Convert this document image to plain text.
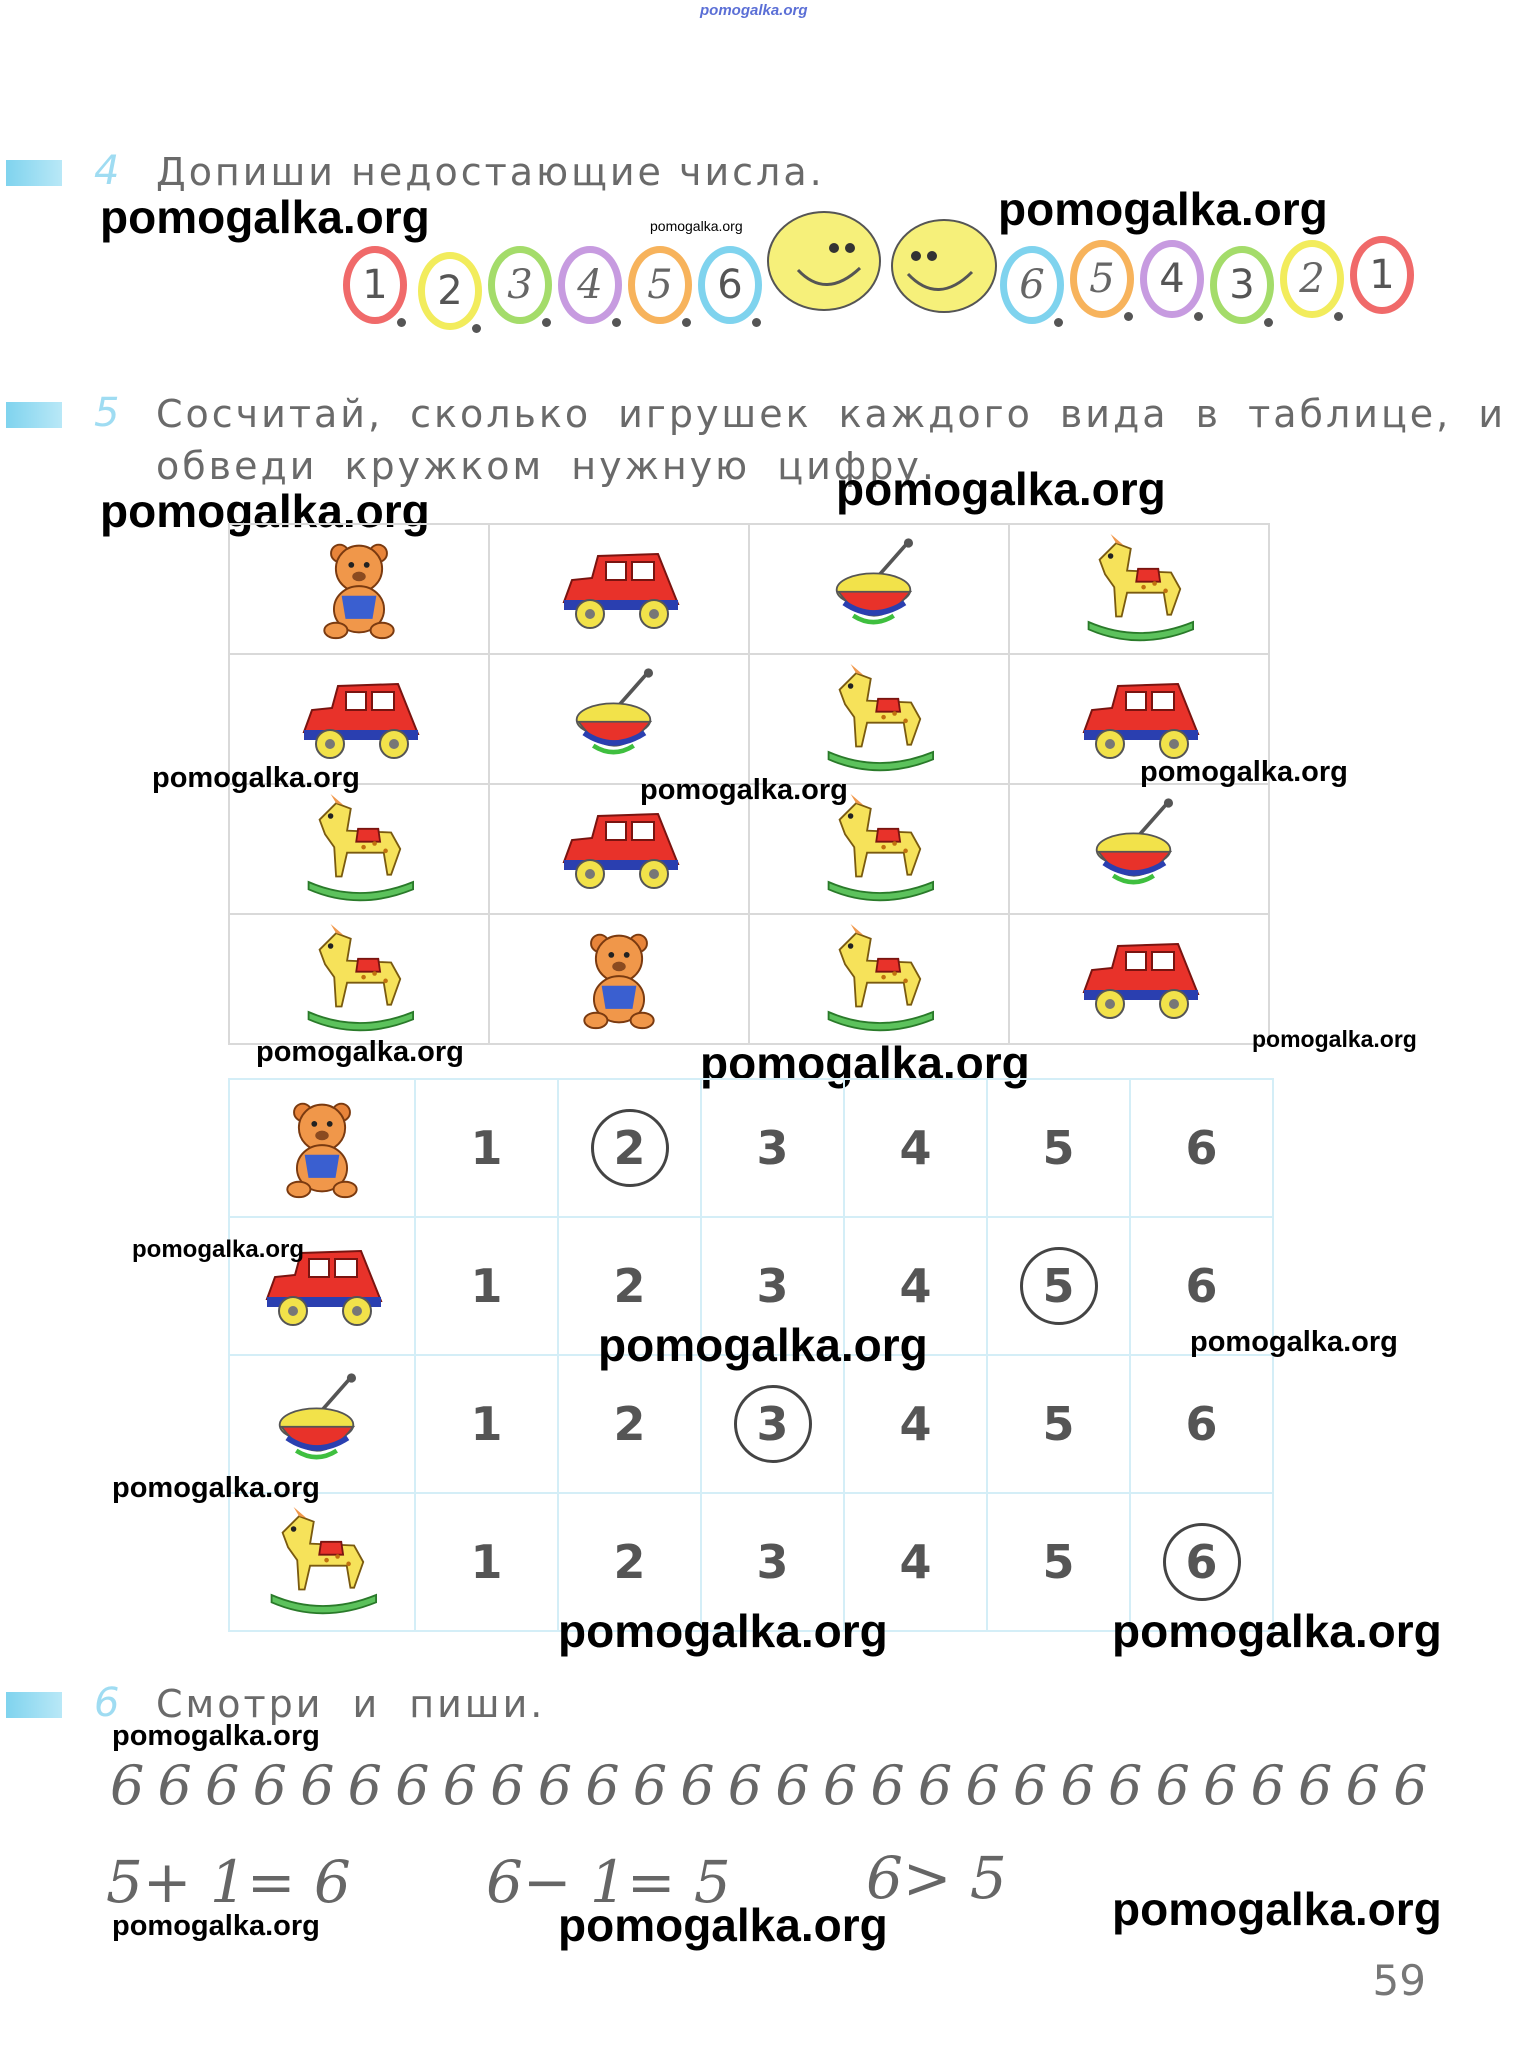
pomogalka.org
4 Допиши недостающие числа.
pomogalka.org	pomogalka.org	pomogalka.org
1 2 3 4 5 6	6 5 4 3 2 1
5 Сосчитай, сколько игрушек каждого вида в таблице, и
обведи кружком нужную цифру.
pomogalka.org	pomogalka.org

pomogalka.org	pomogalka.org
pomogalka.org
pomogalka.org	pomogalka.org	pomogalka.org
	1	2	3	4	5	6

	1	2	3	4	5	6

	1	2	3	4	5	6

	1	2	3	4	5	6
pomogalka.org
pomogalka.org	pomogalka.org
pomogalka.org
pomogalka.org	pomogalka.org
6 Смотри и пиши.
pomogalka.org
6 6 6 6 6 6 6 6 6 6 6 6 6 6 6 6 6 6 6 6 6 6 6 6 6 6 6 6
5+ 1= 6 6− 1= 5 6> 5
pomogalka.org	pomogalka.org	pomogalka.org
59
